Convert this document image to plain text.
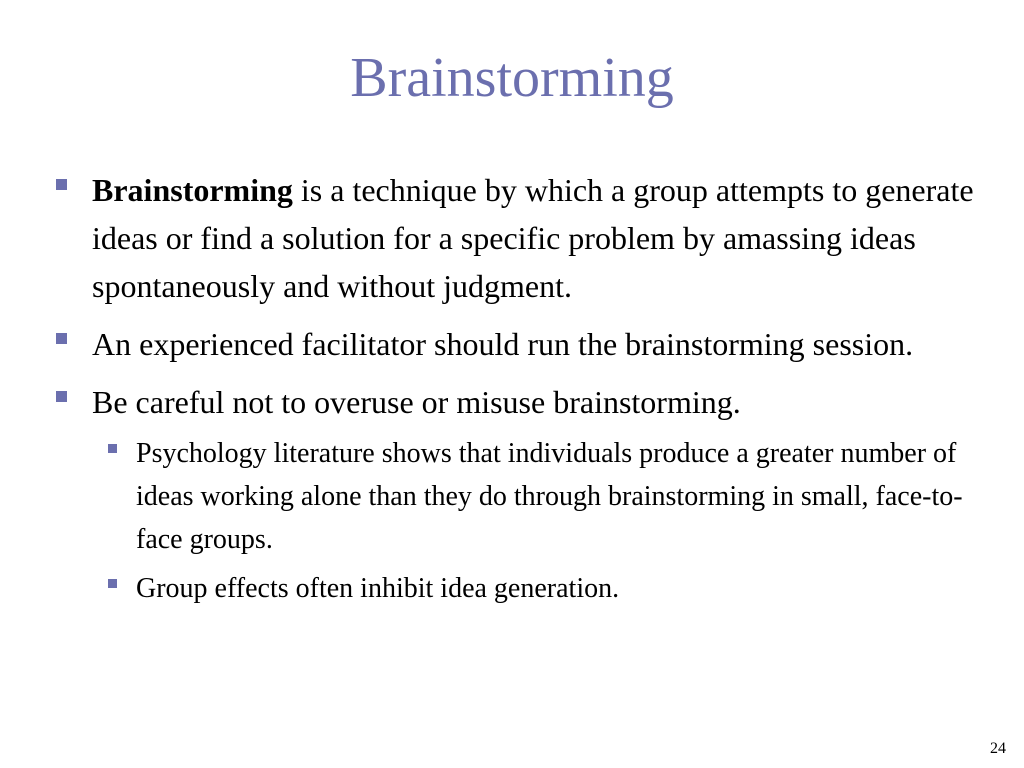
Brainstorming
Brainstorming is a technique by which a group attempts to generate ideas or find a solution for a specific problem by amassing ideas spontaneously and without judgment.
An experienced facilitator should run the brainstorming session.
Be careful not to overuse or misuse brainstorming.
Psychology literature shows that individuals produce a greater number of ideas working alone than they do through brainstorming in small, face-to-face groups.
Group effects often inhibit idea generation.
24
